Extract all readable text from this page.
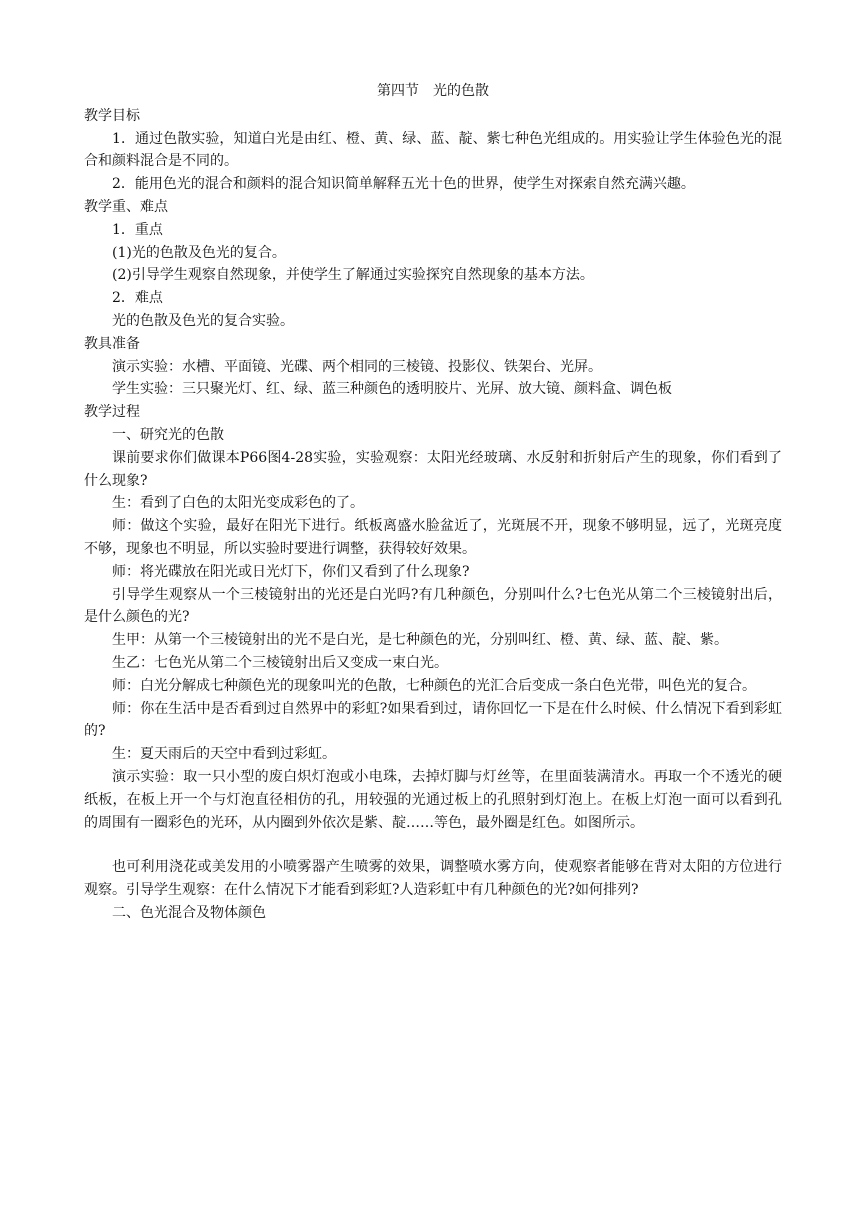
第四节　光的色散

教学目标

1．通过色散实验，知道白光是由红、橙、黄、绿、蓝、靛、紫七种色光组成的。用实验让学生体验色光的混合和颜料混合是不同的。

2．能用色光的混合和颜料的混合知识简单解释五光十色的世界，使学生对探索自然充满兴趣。

教学重、难点

1．重点

(1)光的色散及色光的复合。

(2)引导学生观察自然现象，并使学生了解通过实验探究自然现象的基本方法。

2．难点

光的色散及色光的复合实验。

教具准备

演示实验：水槽、平面镜、光碟、两个相同的三棱镜、投影仪、铁架台、光屏。

学生实验：三只聚光灯、红、绿、蓝三种颜色的透明胶片、光屏、放大镜、颜料盒、调色板

教学过程

一、研究光的色散

课前要求你们做课本P66图4-28实验，实验观察：太阳光经玻璃、水反射和折射后产生的现象，你们看到了什么现象?

生：看到了白色的太阳光变成彩色的了。

师：做这个实验，最好在阳光下进行。纸板离盛水脸盆近了，光斑展不开，现象不够明显，远了，光斑亮度不够，现象也不明显，所以实验时要进行调整，获得较好效果。

师：将光碟放在阳光或日光灯下，你们又看到了什么现象?

引导学生观察从一个三棱镜射出的光还是白光吗?有几种颜色，分别叫什么?七色光从第二个三棱镜射出后，是什么颜色的光?

生甲：从第一个三棱镜射出的光不是白光，是七种颜色的光，分别叫红、橙、黄、绿、蓝、靛、紫。

生乙：七色光从第二个三棱镜射出后又变成一束白光。

师：白光分解成七种颜色光的现象叫光的色散，七种颜色的光汇合后变成一条白色光带，叫色光的复合。

师：你在生活中是否看到过自然界中的彩虹?如果看到过，请你回忆一下是在什么时候、什么情况下看到彩虹的?

生：夏天雨后的天空中看到过彩虹。

演示实验：取一只小型的废白炽灯泡或小电珠，去掉灯脚与灯丝等，在里面装满清水。再取一个不透光的硬纸板，在板上开一个与灯泡直径相仿的孔，用较强的光通过板上的孔照射到灯泡上。在板上灯泡一面可以看到孔的周围有一圈彩色的光环，从内圈到外依次是紫、靛……等色，最外圈是红色。如图所示。

也可利用浇花或美发用的小喷雾器产生喷雾的效果，调整喷水雾方向，使观察者能够在背对太阳的方位进行观察。引导学生观察：在什么情况下才能看到彩虹?人造彩虹中有几种颜色的光?如何排列?

二、色光混合及物体颜色
